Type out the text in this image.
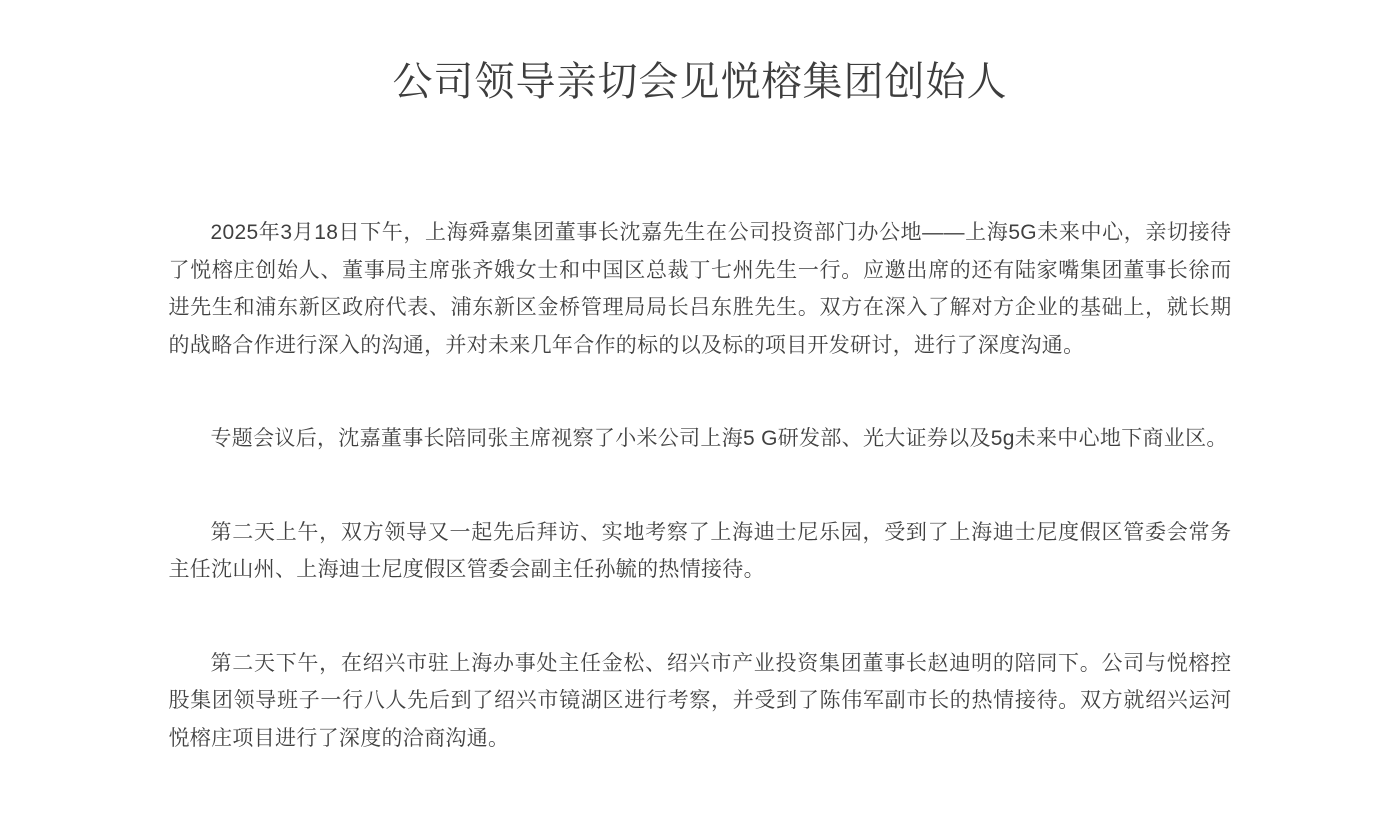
公司领导亲切会见悦榕集团创始人

2025年3月18日下午，上海舜嘉集团董事长沈嘉先生在公司投资部门办公地——上海5G未来中心，亲切接待了悦榕庄创始人、董事局主席张齐娥女士和中国区总裁丁七州先生一行。应邀出席的还有陆家嘴集团董事长徐而进先生和浦东新区政府代表、浦东新区金桥管理局局长吕东胜先生。双方在深入了解对方企业的基础上，就长期的战略合作进行深入的沟通，并对未来几年合作的标的以及标的项目开发研讨，进行了深度沟通。

专题会议后，沈嘉董事长陪同张主席视察了小米公司上海5 G研发部、光大证券以及5g未来中心地下商业区。

第二天上午，双方领导又一起先后拜访、实地考察了上海迪士尼乐园，受到了上海迪士尼度假区管委会常务主任沈山州、上海迪士尼度假区管委会副主任孙毓的热情接待。

第二天下午，在绍兴市驻上海办事处主任金松、绍兴市产业投资集团董事长赵迪明的陪同下。公司与悦榕控股集团领导班子一行八人先后到了绍兴市镜湖区进行考察，并受到了陈伟军副市长的热情接待。双方就绍兴运河悦榕庄项目进行了深度的洽商沟通。
